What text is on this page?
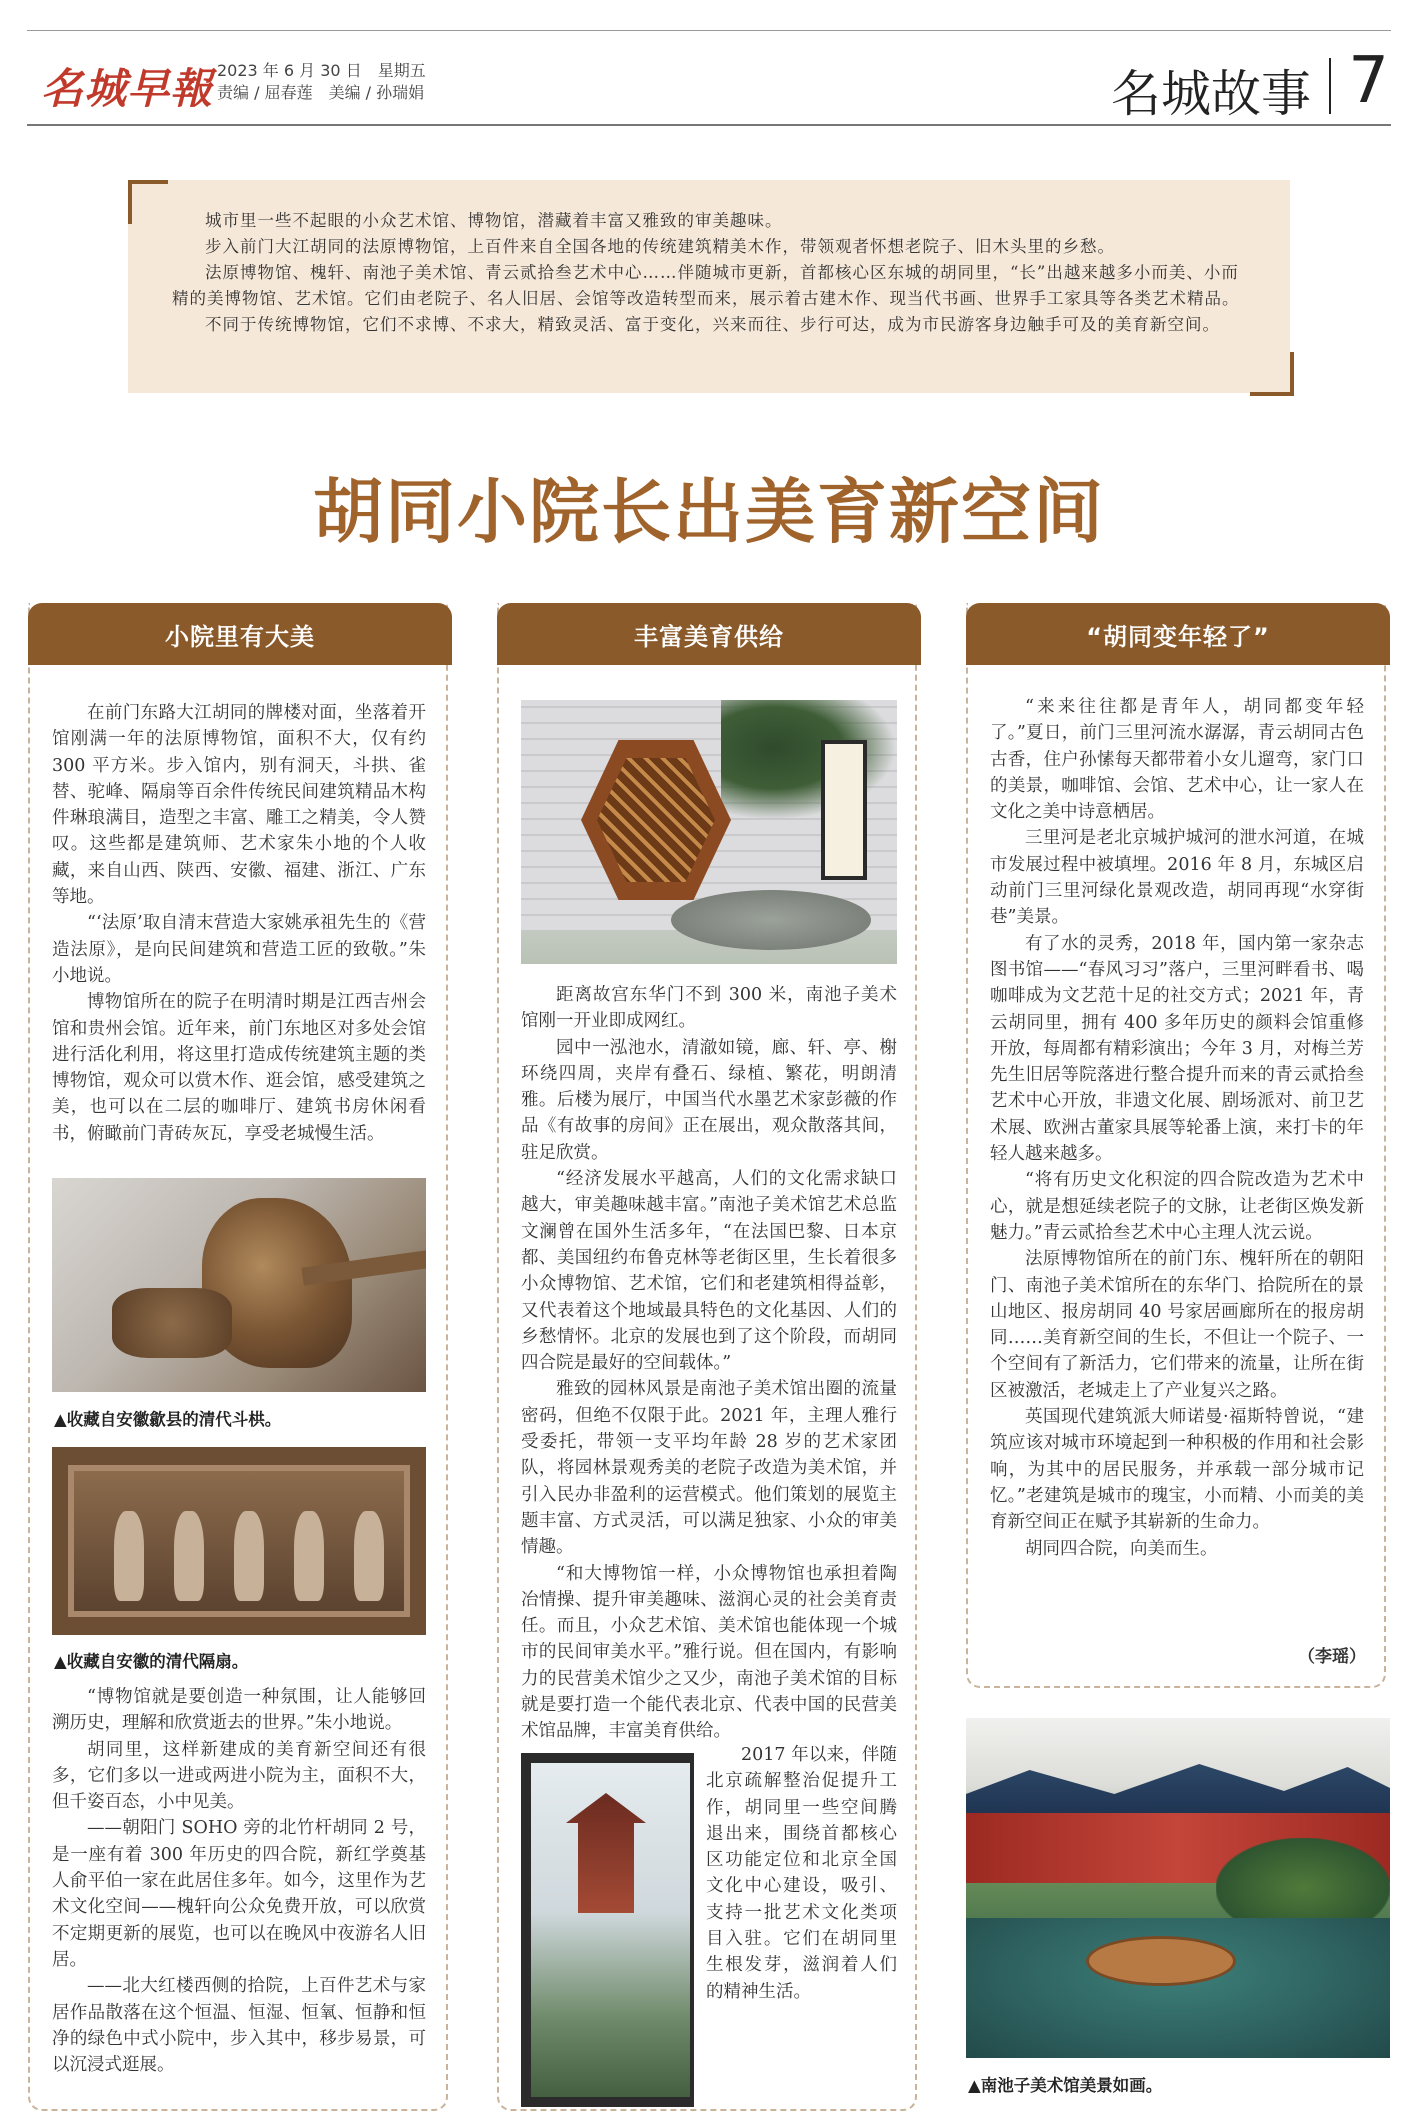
名城早報 2023 年 6 月 30 日　星期五
责编 / 屈春莲　美编 / 孙瑞娟	名城故事 7

城市里一些不起眼的小众艺术馆、博物馆，潜藏着丰富又雅致的审美趣味。

步入前门大江胡同的法原博物馆，上百件来自全国各地的传统建筑精美木作，带领观者怀想老院子、旧木头里的乡愁。

法原博物馆、槐轩、南池子美术馆、青云贰拾叁艺术中心……伴随城市更新，首都核心区东城的胡同里，“长”出越来越多小而美、小而精的美博物馆、艺术馆。它们由老院子、名人旧居、会馆等改造转型而来，展示着古建木作、现当代书画、世界手工家具等各类艺术精品。

不同于传统博物馆，它们不求博、不求大，精致灵活、富于变化，兴来而往、步行可达，成为市民游客身边触手可及的美育新空间。

胡同小院长出美育新空间
小院里有大美

在前门东路大江胡同的牌楼对面，坐落着开馆刚满一年的法原博物馆，面积不大，仅有约 300 平方米。步入馆内，别有洞天，斗拱、雀替、驼峰、隔扇等百余件传统民间建筑精品木构件琳琅满目，造型之丰富、雕工之精美，令人赞叹。这些都是建筑师、艺术家朱小地的个人收藏，来自山西、陕西、安徽、福建、浙江、广东等地。

“‘法原’取自清末营造大家姚承祖先生的《营造法原》，是向民间建筑和营造工匠的致敬。”朱小地说。

博物馆所在的院子在明清时期是江西吉州会馆和贵州会馆。近年来，前门东地区对多处会馆进行活化利用，将这里打造成传统建筑主题的类博物馆，观众可以赏木作、逛会馆，感受建筑之美，也可以在二层的咖啡厅、建筑书房休闲看书，俯瞰前门青砖灰瓦，享受老城慢生活。

▲收藏自安徽歙县的清代斗栱。
▲收藏自安徽的清代隔扇。

“博物馆就是要创造一种氛围，让人能够回溯历史，理解和欣赏逝去的世界。”朱小地说。

胡同里，这样新建成的美育新空间还有很多，它们多以一进或两进小院为主，面积不大，但千姿百态，小中见美。

——朝阳门 SOHO 旁的北竹杆胡同 2 号，是一座有着 300 年历史的四合院，新红学奠基人俞平伯一家在此居住多年。如今，这里作为艺术文化空间——槐轩向公众免费开放，可以欣赏不定期更新的展览，也可以在晚风中夜游名人旧居。

——北大红楼西侧的拾院，上百件艺术与家居作品散落在这个恒温、恒湿、恒氧、恒静和恒净的绿色中式小院中，步入其中，移步易景，可以沉浸式逛展。

丰富美育供给

距离故宫东华门不到 300 米，南池子美术馆刚一开业即成网红。

园中一泓池水，清澈如镜，廊、轩、亭、榭环绕四周，夹岸有叠石、绿植、繁花，明朗清雅。后楼为展厅，中国当代水墨艺术家彭薇的作品《有故事的房间》正在展出，观众散落其间，驻足欣赏。

“经济发展水平越高，人们的文化需求缺口越大，审美趣味越丰富。”南池子美术馆艺术总监文澜曾在国外生活多年，“在法国巴黎、日本京都、美国纽约布鲁克林等老街区里，生长着很多小众博物馆、艺术馆，它们和老建筑相得益彰，又代表着这个地域最具特色的文化基因、人们的乡愁情怀。北京的发展也到了这个阶段，而胡同四合院是最好的空间载体。”

雅致的园林风景是南池子美术馆出圈的流量密码，但绝不仅限于此。2021 年，主理人雅行受委托，带领一支平均年龄 28 岁的艺术家团队，将园林景观秀美的老院子改造为美术馆，并引入民办非盈利的运营模式。他们策划的展览主题丰富、方式灵活，可以满足独家、小众的审美情趣。

“和大博物馆一样，小众博物馆也承担着陶冶情操、提升审美趣味、滋润心灵的社会美育责任。而且，小众艺术馆、美术馆也能体现一个城市的民间审美水平。”雅行说。但在国内，有影响力的民营美术馆少之又少，南池子美术馆的目标就是要打造一个能代表北京、代表中国的民营美术馆品牌，丰富美育供给。

2017 年以来，伴随北京疏解整治促提升工作，胡同里一些空间腾退出来，围绕首都核心区功能定位和北京全国文化中心建设，吸引、支持一批艺术文化类项目入驻。它们在胡同里生根发芽，滋润着人们的精神生活。

“胡同变年轻了”

“来来往往都是青年人，胡同都变年轻了。”夏日，前门三里河流水潺潺，青云胡同古色古香，住户孙愫每天都带着小女儿遛弯，家门口的美景，咖啡馆、会馆、艺术中心，让一家人在文化之美中诗意栖居。

三里河是老北京城护城河的泄水河道，在城市发展过程中被填埋。2016 年 8 月，东城区启动前门三里河绿化景观改造，胡同再现“水穿街巷”美景。

有了水的灵秀，2018 年，国内第一家杂志图书馆——“春风习习”落户，三里河畔看书、喝咖啡成为文艺范十足的社交方式；2021 年，青云胡同里，拥有 400 多年历史的颜料会馆重修开放，每周都有精彩演出；今年 3 月，对梅兰芳先生旧居等院落进行整合提升而来的青云贰拾叁艺术中心开放，非遗文化展、剧场派对、前卫艺术展、欧洲古董家具展等轮番上演，来打卡的年轻人越来越多。

“将有历史文化积淀的四合院改造为艺术中心，就是想延续老院子的文脉，让老街区焕发新魅力。”青云贰拾叁艺术中心主理人沈云说。

法原博物馆所在的前门东、槐轩所在的朝阳门、南池子美术馆所在的东华门、拾院所在的景山地区、报房胡同 40 号家居画廊所在的报房胡同……美育新空间的生长，不但让一个院子、一个空间有了新活力，它们带来的流量，让所在街区被激活，老城走上了产业复兴之路。

英国现代建筑派大师诺曼·福斯特曾说，“建筑应该对城市环境起到一种积极的作用和社会影响，为其中的居民服务，并承载一部分城市记忆。”老建筑是城市的瑰宝，小而精、小而美的美育新空间正在赋予其崭新的生命力。

胡同四合院，向美而生。

（李瑶）
▲南池子美术馆美景如画。
